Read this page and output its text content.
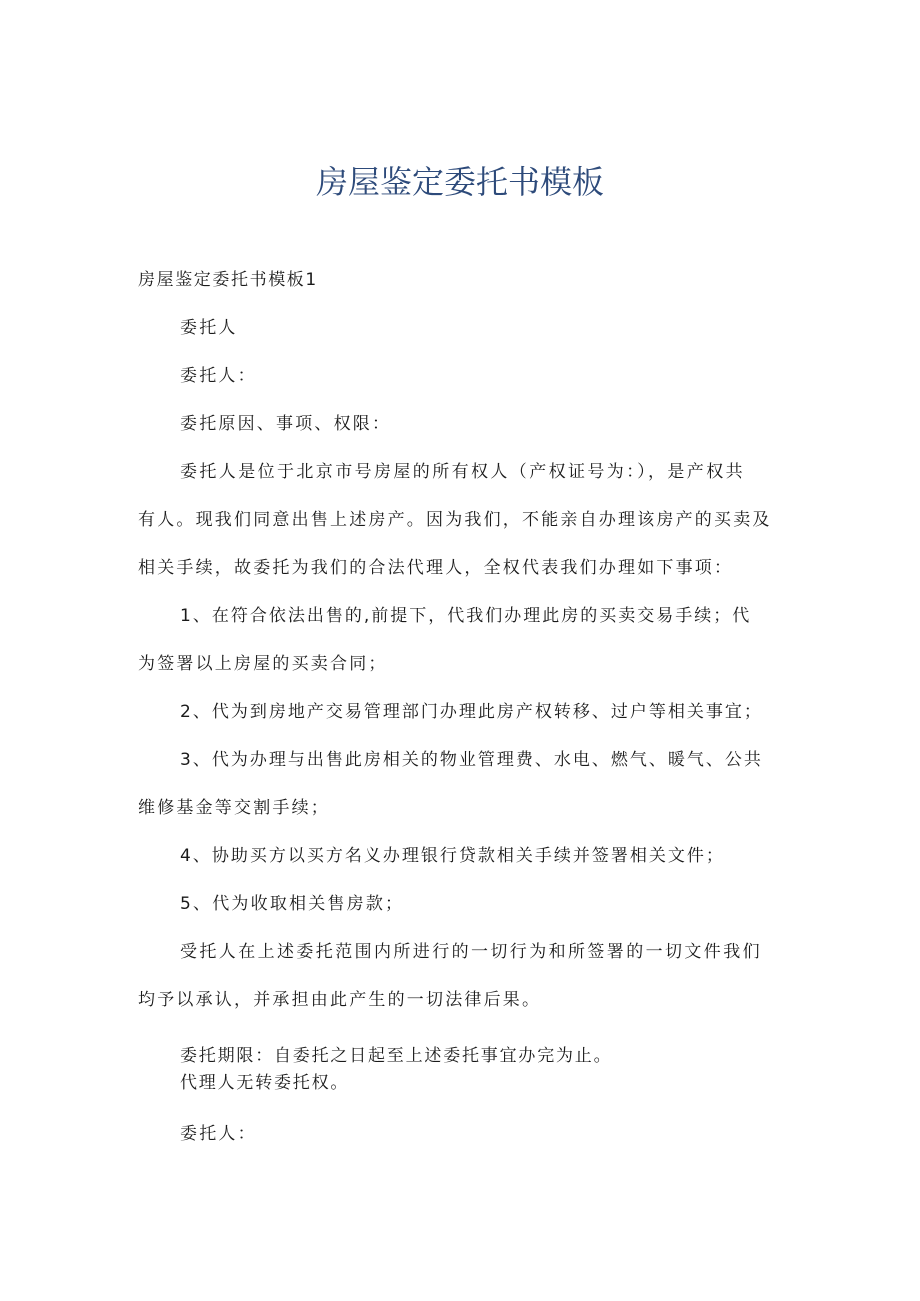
房屋鉴定委托书模板
房屋鉴定委托书模板1
委托人
委托人：
委托原因、事项、权限：
委托人是位于北京市号房屋的所有权人（产权证号为：），是产权共
有人。现我们同意出售上述房产。因为我们，不能亲自办理该房产的买卖及
相关手续，故委托为我们的合法代理人，全权代表我们办理如下事项：
1、在符合依法出售的,前提下，代我们办理此房的买卖交易手续；代
为签署以上房屋的买卖合同；
2、代为到房地产交易管理部门办理此房产权转移、过户等相关事宜；
3、代为办理与出售此房相关的物业管理费、水电、燃气、暖气、公共
维修基金等交割手续；
4、协助买方以买方名义办理银行贷款相关手续并签署相关文件；
5、代为收取相关售房款；
受托人在上述委托范围内所进行的一切行为和所签署的一切文件我们
均予以承认，并承担由此产生的一切法律后果。
委托期限：自委托之日起至上述委托事宜办完为止。
代理人无转委托权。
委托人：
